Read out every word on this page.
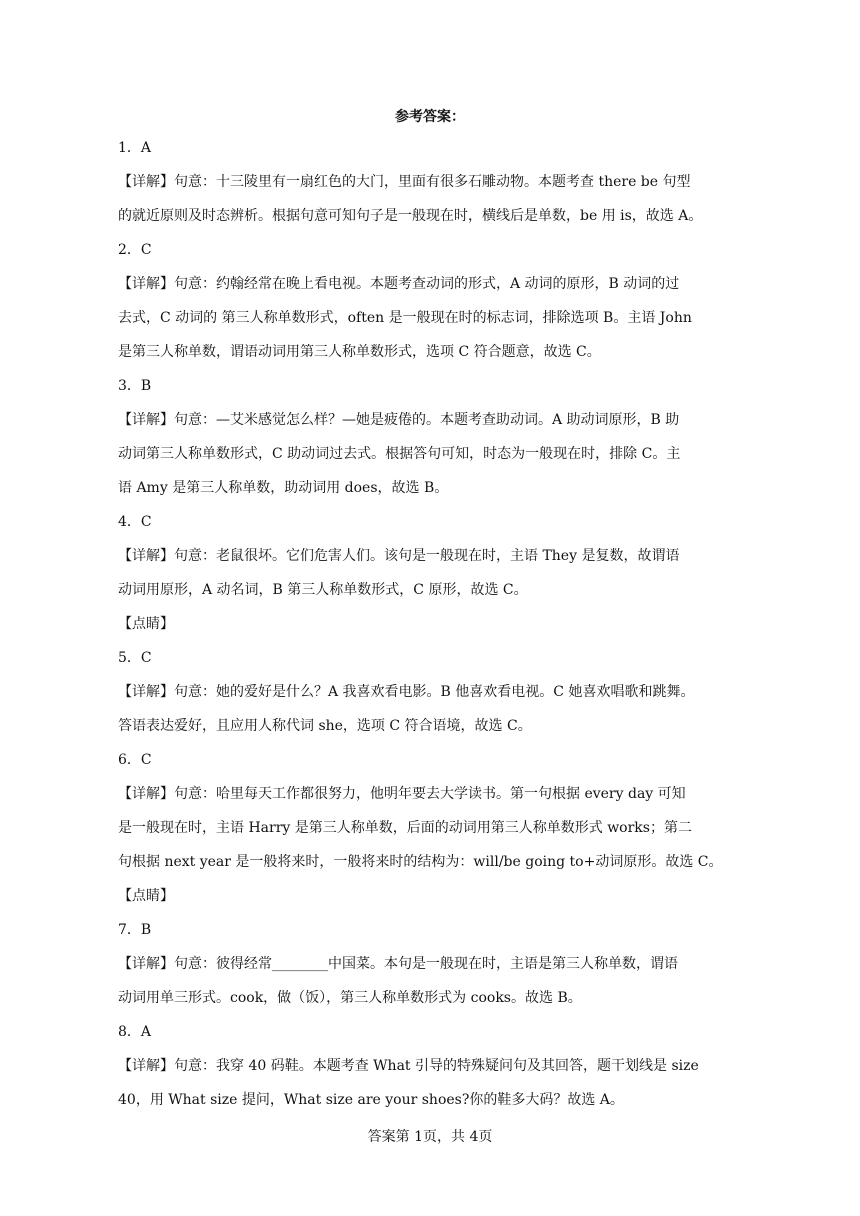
参考答案：

1．A

【详解】句意：十三陵里有一扇红色的大门，里面有很多石雕动物。本题考查 there be 句型

的就近原则及时态辨析。根据句意可知句子是一般现在时，横线后是单数，be 用 is，故选 A。

2．C

【详解】句意：约翰经常在晚上看电视。本题考查动词的形式，A 动词的原形，B 动词的过

去式，C 动词的 第三人称单数形式，often 是一般现在时的标志词，排除选项 B。主语 John

是第三人称单数，谓语动词用第三人称单数形式，选项 C 符合题意，故选 C。

3．B

【详解】句意：—艾米感觉怎么样？—她是疲倦的。本题考查助动词。A 助动词原形，B 助

动词第三人称单数形式，C 助动词过去式。根据答句可知，时态为一般现在时，排除 C。主

语 Amy 是第三人称单数，助动词用 does，故选 B。

4．C

【详解】句意：老鼠很坏。它们危害人们。该句是一般现在时，主语 They 是复数，故谓语

动词用原形，A 动名词，B 第三人称单数形式，C 原形，故选 C。

【点睛】

5．C

【详解】句意：她的爱好是什么？A 我喜欢看电影。B 他喜欢看电视。C 她喜欢唱歌和跳舞。

答语表达爱好，且应用人称代词 she，选项 C 符合语境，故选 C。

6．C

【详解】句意：哈里每天工作都很努力，他明年要去大学读书。第一句根据 every day 可知

是一般现在时，主语 Harry 是第三人称单数，后面的动词用第三人称单数形式 works；第二

句根据 next year 是一般将来时，一般将来时的结构为：will/be going to+动词原形。故选 C。

【点睛】

7．B

【详解】句意：彼得经常________中国菜。本句是一般现在时，主语是第三人称单数，谓语

动词用单三形式。cook，做（饭），第三人称单数形式为 cooks。故选 B。

8．A

【详解】句意：我穿 40 码鞋。本题考查 What 引导的特殊疑问句及其回答，题干划线是 size

40，用 What size 提问，What size are your shoes?你的鞋多大码？故选 A。

答案第 1页，共 4页
